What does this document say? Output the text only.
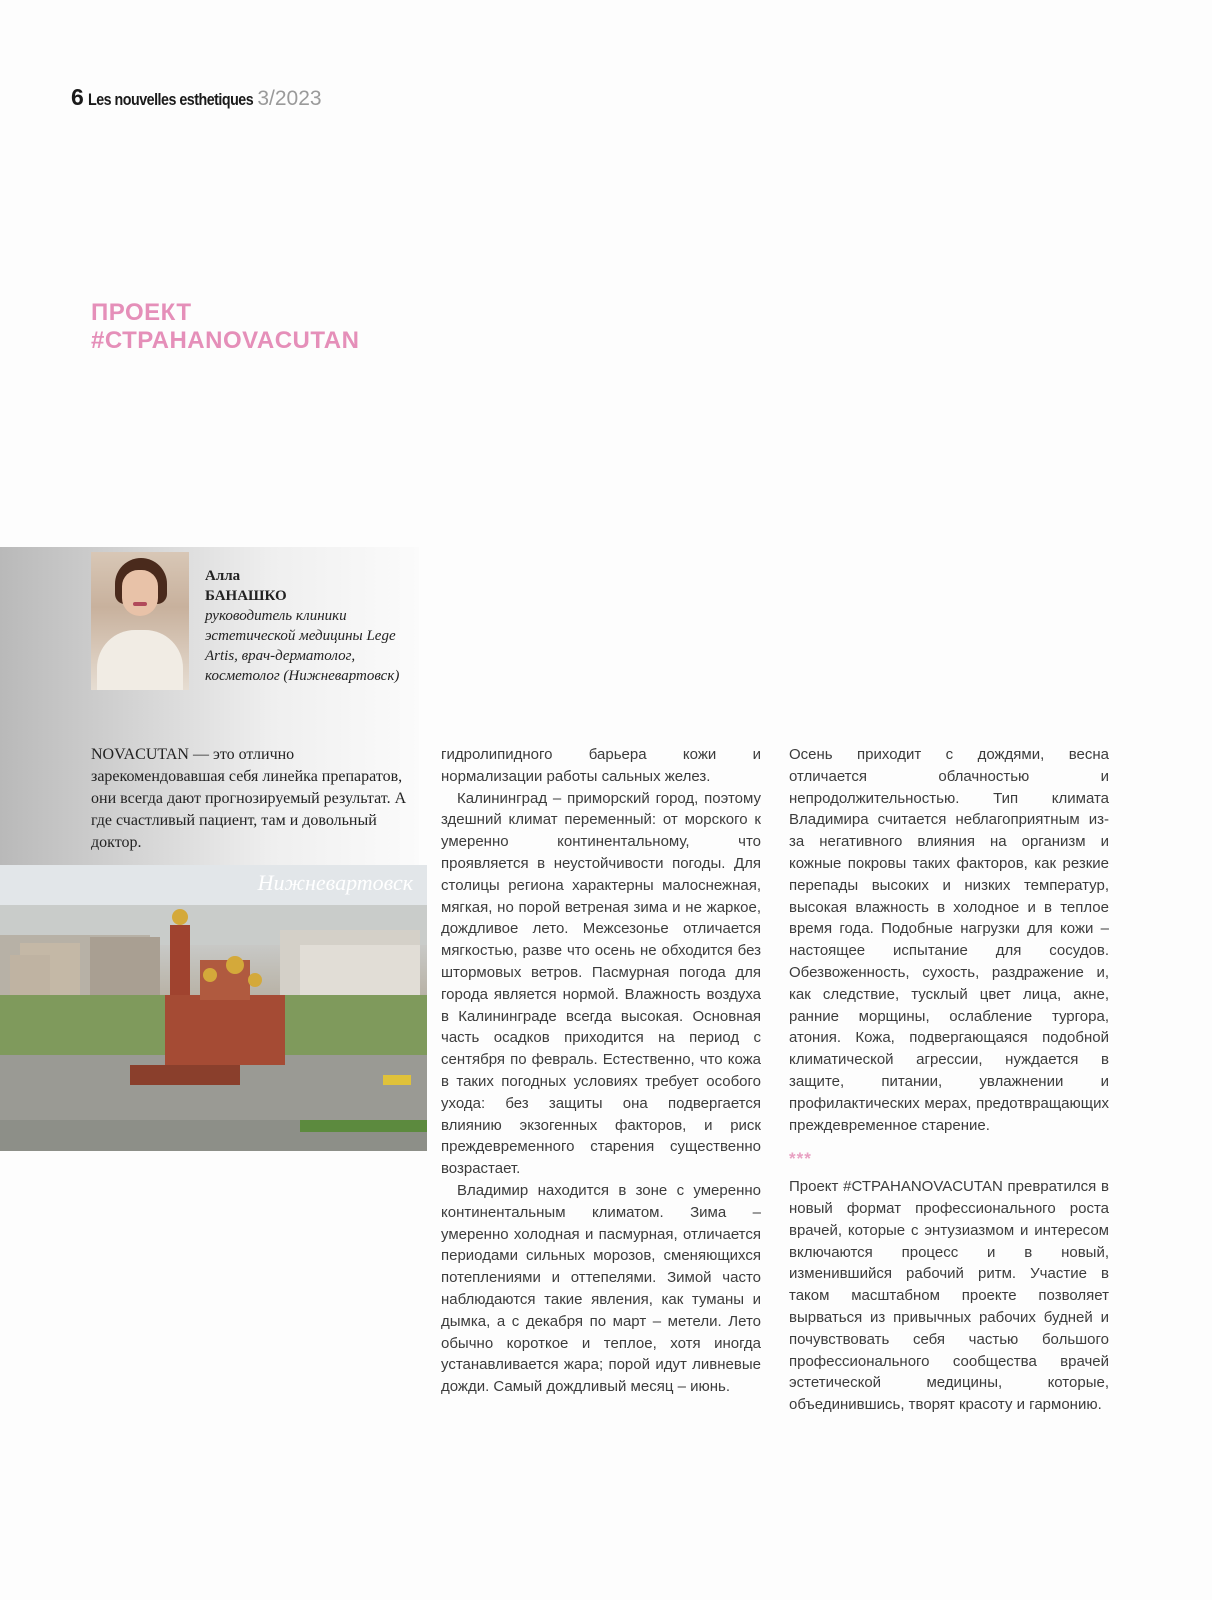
6 Les nouvelles esthetiques 3/2023
ПРОЕКТ
#СТРАНАNOVACUTAN
Алла
БАНАШКО
руководитель клиники эстетической медицины Lege Artis, врач-дерматолог, косметолог (Нижневартовск)
NOVACUTAN — это отлично зарекомендовавшая себя линейка препаратов, они всегда дают прогнозируемый результат. А где счастливый пациент, там и довольный доктор.
Нижневартовск

гидролипидного барьера кожи и нормализации работы сальных желез.

Калининград – приморский город, поэтому здешний климат переменный: от морского к умеренно континентальному, что проявляется в неустойчивости погоды. Для столицы региона характерны малоснежная, мягкая, но порой ветреная зима и не жаркое, дождливое лето. Межсезонье отличается мягкостью, разве что осень не обходится без штормовых ветров. Пасмурная погода для города является нормой. Влажность воздуха в Калининграде всегда высокая. Основная часть осадков приходится на период с сентября по февраль. Естественно, что кожа в таких погодных условиях требует особого ухода: без защиты она подвергается влиянию экзогенных факторов, и риск преждевременного старения существенно возрастает.

Владимир находится в зоне с умеренно континентальным климатом. Зима – умеренно холодная и пасмурная, отличается периодами сильных морозов, сменяющихся потеплениями и оттепелями. Зимой часто наблюдаются такие явления, как туманы и дымка, а с декабря по март – метели. Лето обычно короткое и теплое, хотя иногда устанавливается жара; порой идут ливневые дожди. Самый дождливый месяц – июнь.

Осень приходит с дождями, весна отличается облачностью и непродолжительностью. Тип климата Владимира считается неблагоприятным из-за негативного влияния на организм и кожные покровы таких факторов, как резкие перепады высоких и низких температур, высокая влажность в холодное и в теплое время года. Подобные нагрузки для кожи – настоящее испытание для сосудов. Обезвоженность, сухость, раздражение и, как следствие, тусклый цвет лица, акне, ранние морщины, ослабление тургора, атония. Кожа, подвергающаяся подобной климатической агрессии, нуждается в защите, питании, увлажнении и профилактических мерах, предотвращающих преждевременное старение.

***

Проект #СТРАНАNOVACUTAN превратился в новый формат профессионального роста врачей, которые с энтузиазмом и интересом включаются процесс и в новый, изменившийся рабочий ритм. Участие в таком масштабном проекте позволяет вырваться из привычных рабочих будней и почувствовать себя частью большого профессионального сообщества врачей эстетической медицины, которые, объединившись, творят красоту и гармонию.
